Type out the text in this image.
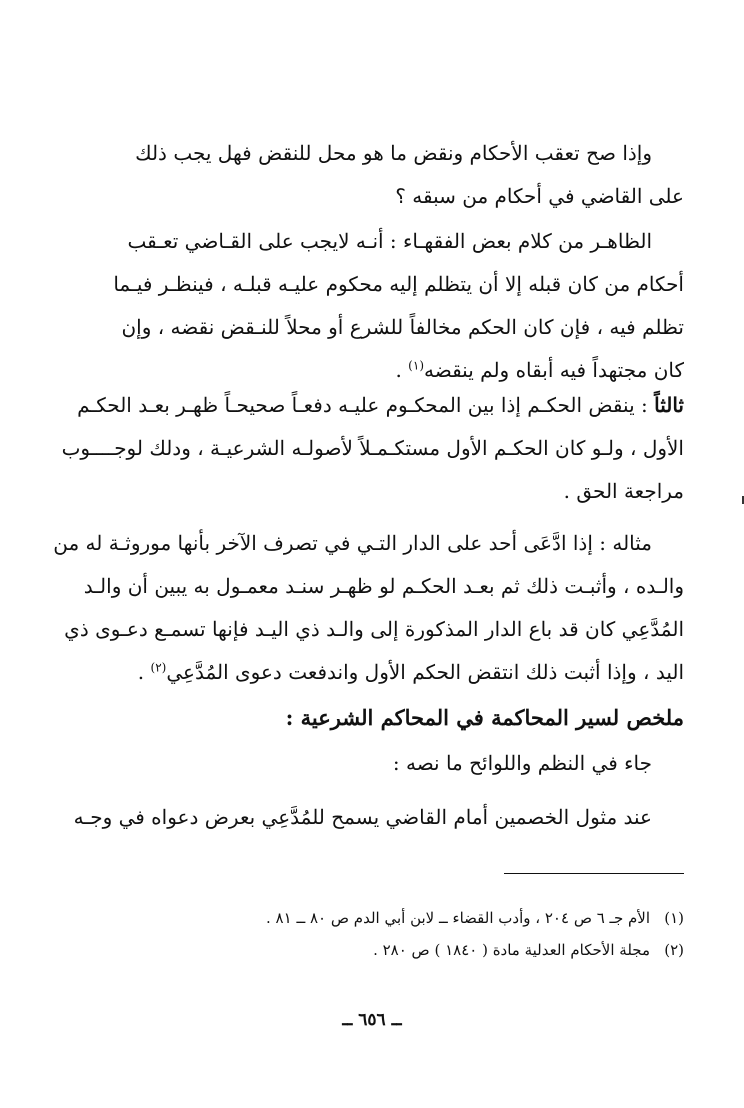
وإذا صح تعقب الأحكام ونقض ما هو محل للنقض فهل يجب ذلك
على القاضي في أحكام من سبقه ؟
الظاهـر من كلام بعض الفقهـاء : أنـه لايجب على القـاضي تعـقب
أحكام من كان قبله إلا أن يتظلم إليه محكوم عليـه قبلـه ، فينظـر فيـما
تظلم فيه ، فإن كان الحكم مخالفاً للشرع أو محلاً للنـقض نقضه ، وإن
كان مجتهداً فيه أبقاه ولم ينقضه$^{(١)}$ .
ثالثاً : ينقض الحكـم إذا بين المحكـوم عليـه دفعـاً صحيحـاً ظهـر بعـد الحكـم
الأول ، ولـو كان الحكـم الأول مستكـمـلاً لأصولـه الشرعيـة ، ودلك لوجــــوب
مراجعة الحق .
مثاله : إذا ادَّعَى أحد على الدار التـي في تصرف الآخر بأنها موروثـة له من
والـده ، وأثبـت ذلك ثم بعـد الحكـم لو ظهـر سنـد معمـول به يبين أن والـد
المُدَّعِي كان قد باع الدار المذكورة إلى والـد ذي اليـد فإنها تسمـع دعـوى ذي
اليد ، وإذا أثبت ذلك انتقض الحكم الأول واندفعت دعوى المُدَّعِي$^{(٢)}$ .
ملخص لسير المحاكمة في المحاكم الشرعية :
جاء في النظم واللوائح ما نصه :
عند مثول الخصمين أمام القاضي يسمح للمُدَّعِي بعرض دعواه في وجـه
(١)الأم جـ ٦ ص ٢٠٤ ، وأدب القضاء ــ لابن أبي الدم ص ٨٠ ــ ٨١ .
(٢)مجلة الأحكام العدلية مادة ( ١٨٤٠ ) ص ٢٨٠ .
ــ ٦٥٦ ــ
